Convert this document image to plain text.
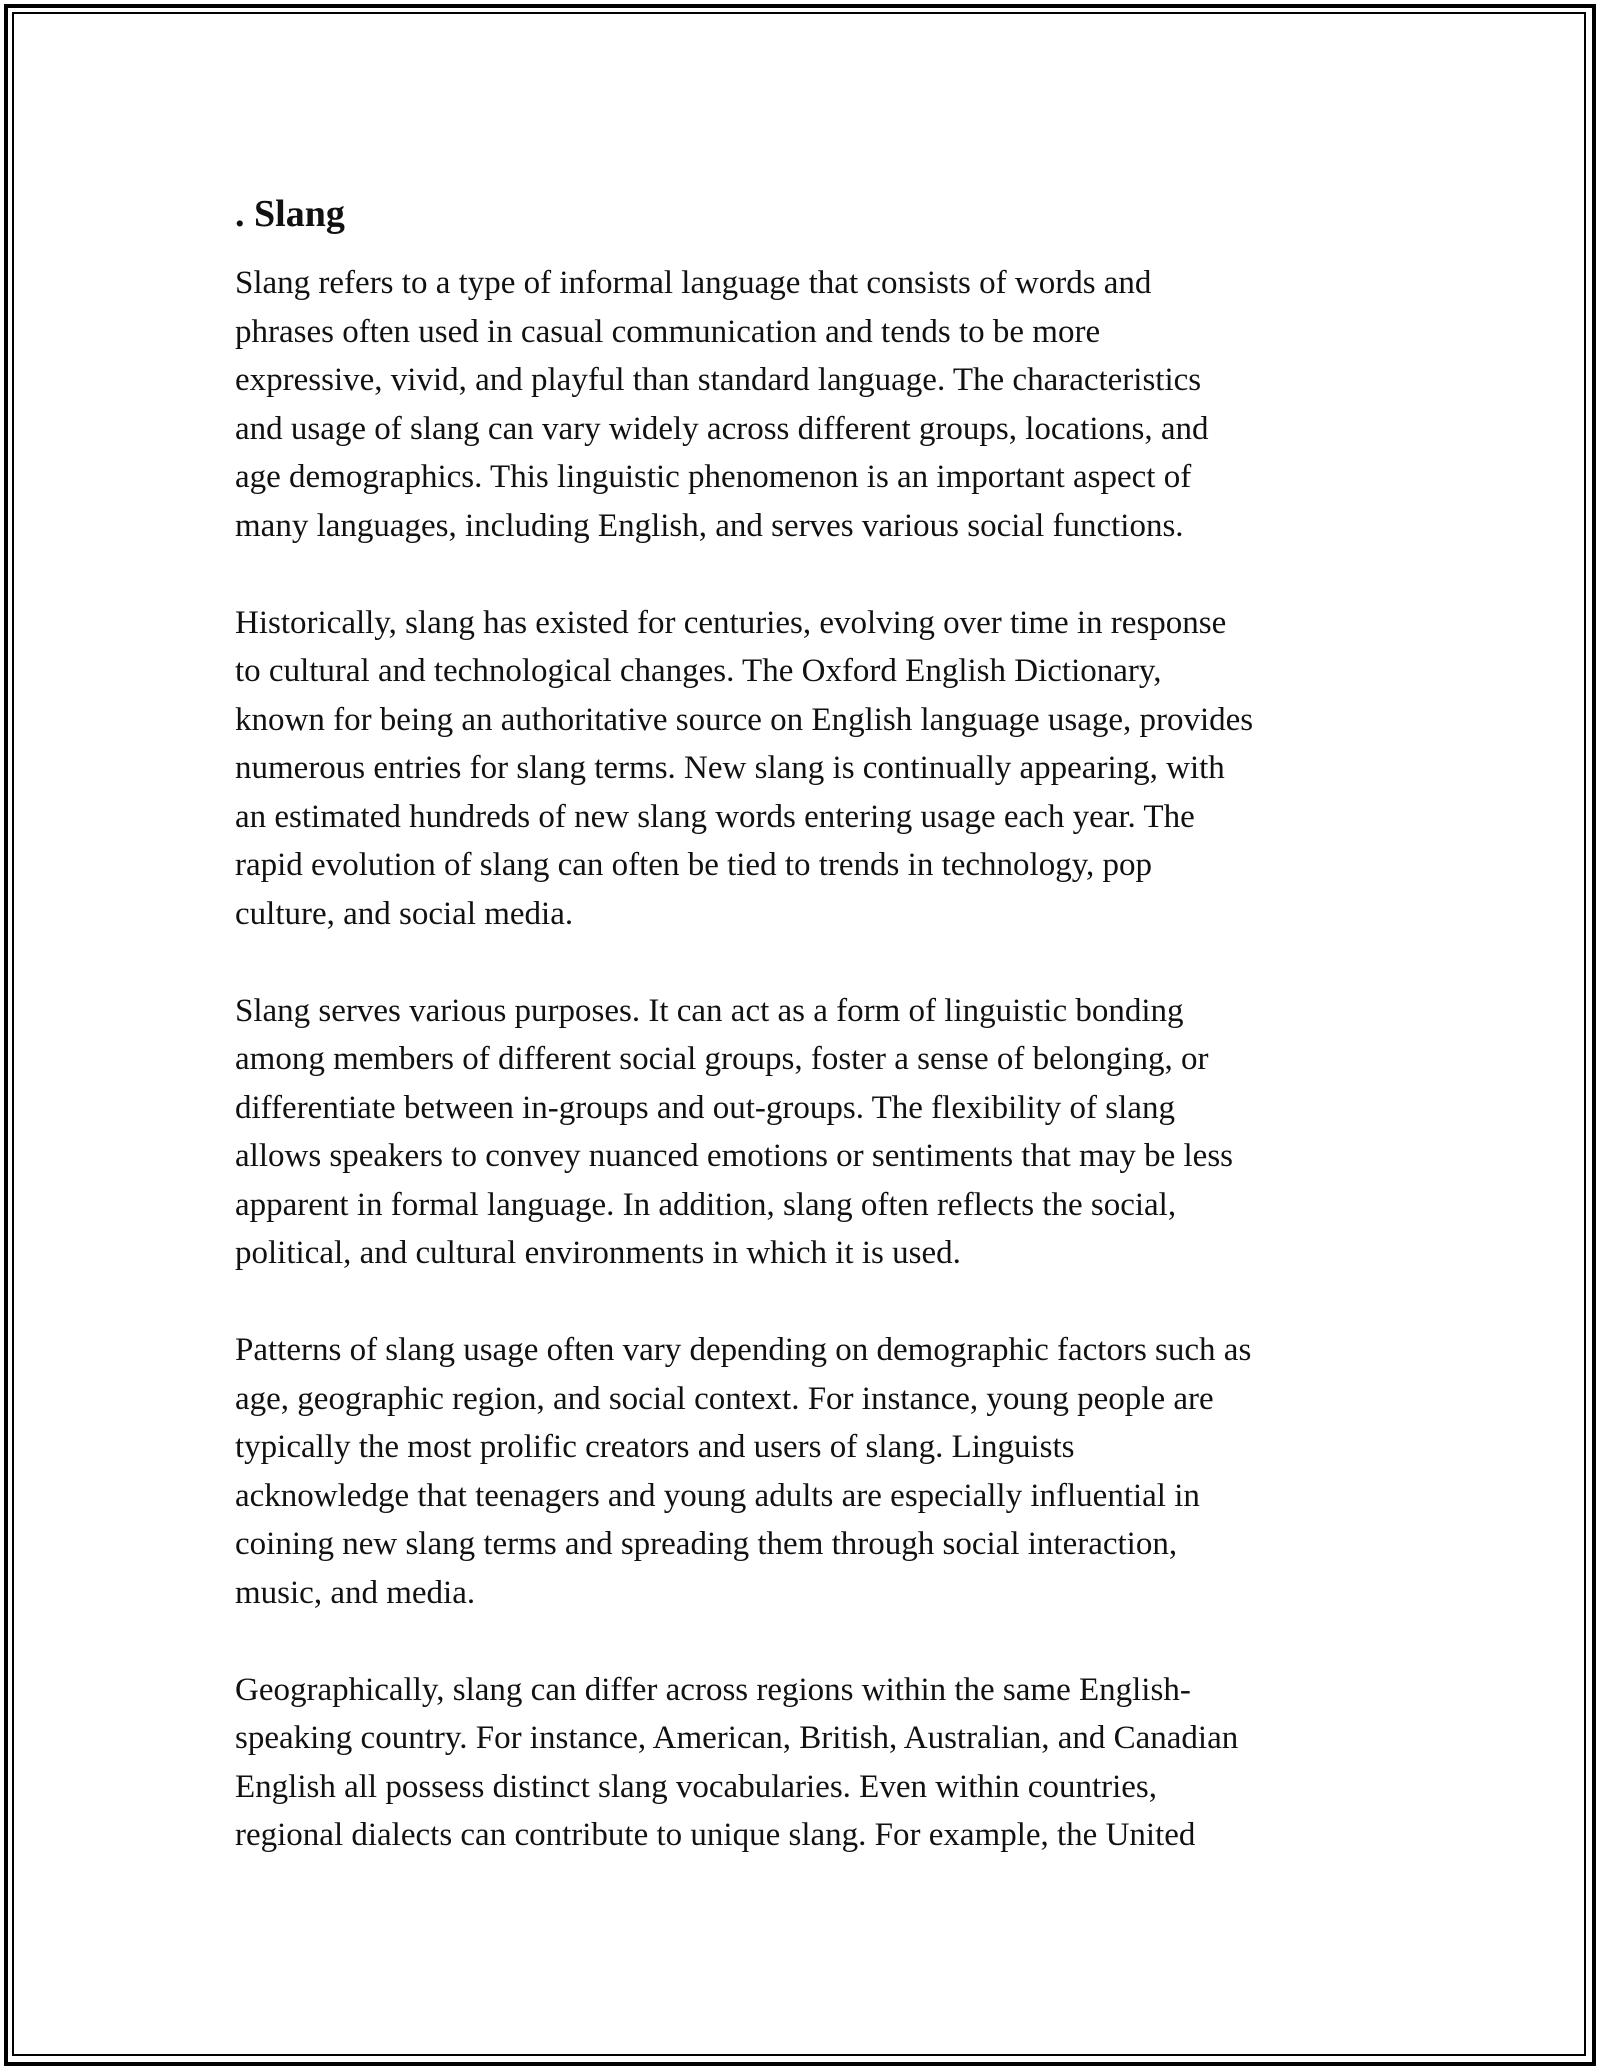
. Slang

Slang refers to a type of informal language that consists of words and
phrases often used in casual communication and tends to be more
expressive, vivid, and playful than standard language. The characteristics
and usage of slang can vary widely across different groups, locations, and
age demographics. This linguistic phenomenon is an important aspect of
many languages, including English, and serves various social functions.

Historically, slang has existed for centuries, evolving over time in response
to cultural and technological changes. The Oxford English Dictionary,
known for being an authoritative source on English language usage, provides
numerous entries for slang terms. New slang is continually appearing, with
an estimated hundreds of new slang words entering usage each year. The
rapid evolution of slang can often be tied to trends in technology, pop
culture, and social media.

Slang serves various purposes. It can act as a form of linguistic bonding
among members of different social groups, foster a sense of belonging, or
differentiate between in-groups and out-groups. The flexibility of slang
allows speakers to convey nuanced emotions or sentiments that may be less
apparent in formal language. In addition, slang often reflects the social,
political, and cultural environments in which it is used.

Patterns of slang usage often vary depending on demographic factors such as
age, geographic region, and social context. For instance, young people are
typically the most prolific creators and users of slang. Linguists
acknowledge that teenagers and young adults are especially influential in
coining new slang terms and spreading them through social interaction,
music, and media.

Geographically, slang can differ across regions within the same English-
speaking country. For instance, American, British, Australian, and Canadian
English all possess distinct slang vocabularies. Even within countries,
regional dialects can contribute to unique slang. For example, the United
